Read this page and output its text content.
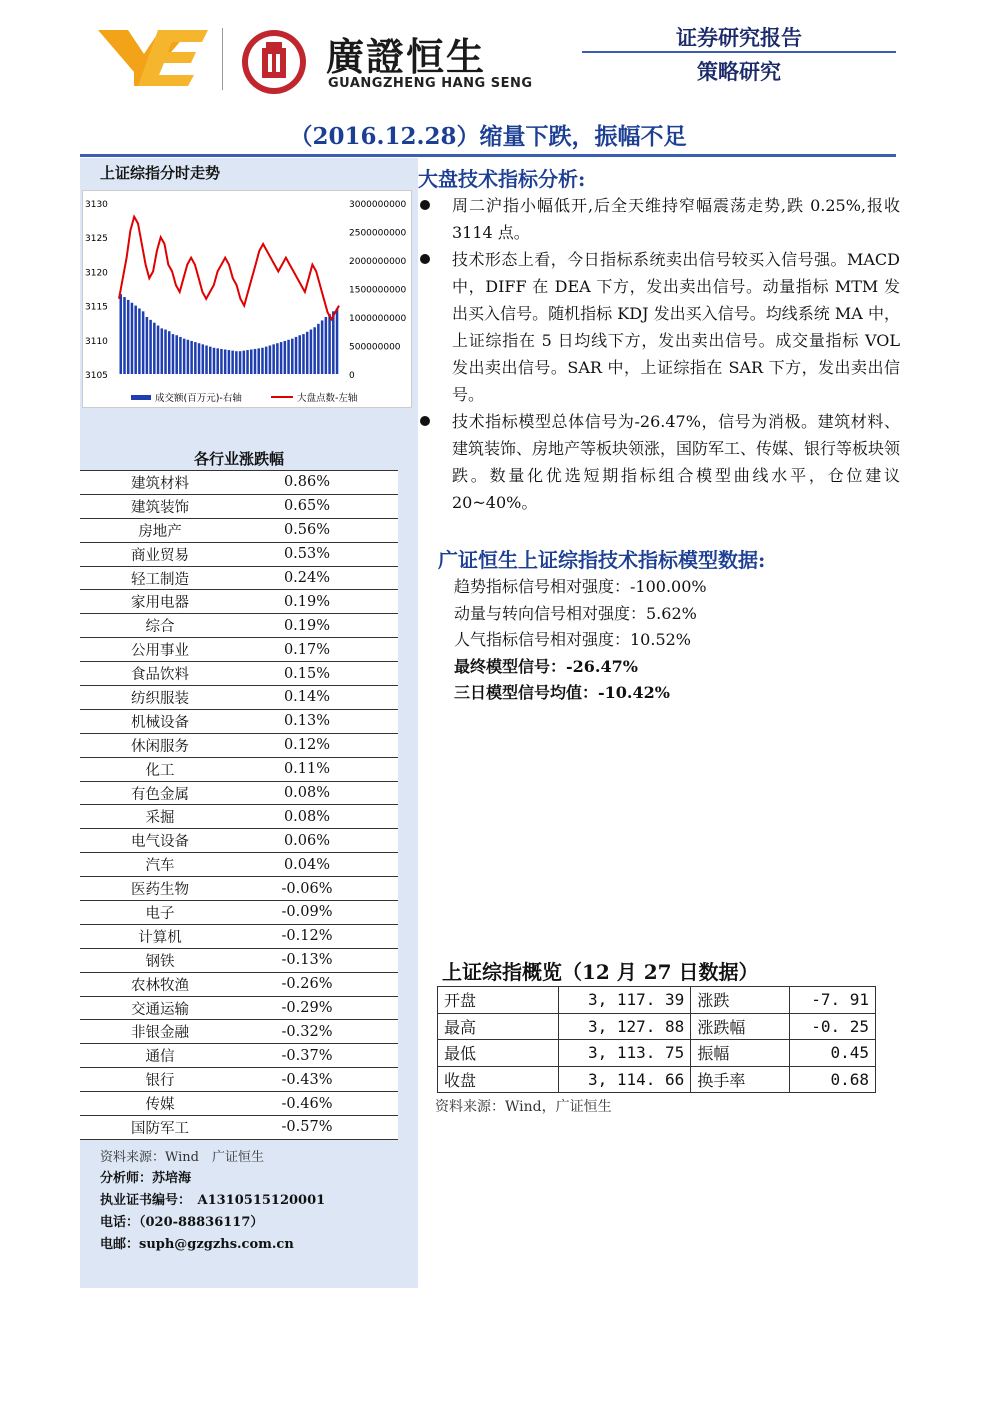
廣證恒生
GUANGZHENG HANG SENG
证券研究报告
策略研究
（2016.12.28）缩量下跌，振幅不足
上证综指分时走势
3130
3125
3120
3115
3110
3105
3000000000
2500000000
2000000000
1500000000
1000000000
500000000
0
成交额(百万元)-右轴	大盘点数-左轴
各行业涨跌幅
建筑材料	0.86%
建筑装饰	0.65%
房地产	0.56%
商业贸易	0.53%
轻工制造	0.24%
家用电器	0.19%
综合	0.19%
公用事业	0.17%
食品饮料	0.15%
纺织服装	0.14%
机械设备	0.13%
休闲服务	0.12%
化工	0.11%
有色金属	0.08%
采掘	0.08%
电气设备	0.06%
汽车	0.04%
医药生物	-0.06%
电子	-0.09%
计算机	-0.12%
钢铁	-0.13%
农林牧渔	-0.26%
交通运输	-0.29%
非银金融	-0.32%
通信	-0.37%
银行	-0.43%
传媒	-0.46%
国防军工	-0.57%
资料来源：Wind　广证恒生
分析师：苏培海
执业证书编号：　A1310515120001
电话：（020-88836117）
电邮：suph@gzgzhs.com.cn
大盘技术指标分析:
周二沪指小幅低开,后全天维持窄幅震荡走势,跌 0.25%,报收 3114 点。
技术形态上看，今日指标系统卖出信号较买入信号强。MACD 中，DIFF 在 DEA 下方，发出卖出信号。动量指标 MTM 发出买入信号。随机指标 KDJ 发出买入信号。均线系统 MA 中，上证综指在 5 日均线下方，发出卖出信号。成交量指标 VOL 发出卖出信号。SAR 中，上证综指在 SAR 下方，发出卖出信号。
技术指标模型总体信号为-26.47%，信号为消极。建筑材料、建筑装饰、房地产等板块领涨，国防军工、传媒、银行等板块领跌。数量化优选短期指标组合模型曲线水平，仓位建议 20~40%。
广证恒生上证综指技术指标模型数据:
趋势指标信号相对强度：-100.00%
动量与转向信号相对强度：5.62%
人气指标信号相对强度：10.52%
最终模型信号：-26.47%
三日模型信号均值：-10.42%
上证综指概览（12 月 27 日数据）
开盘	3, 117. 39	涨跌	-7. 91
最高	3, 127. 88	涨跌幅	-0. 25
最低	3, 113. 75	振幅	0.45
收盘	3, 114. 66	换手率	0.68
资料来源：Wind，广证恒生
